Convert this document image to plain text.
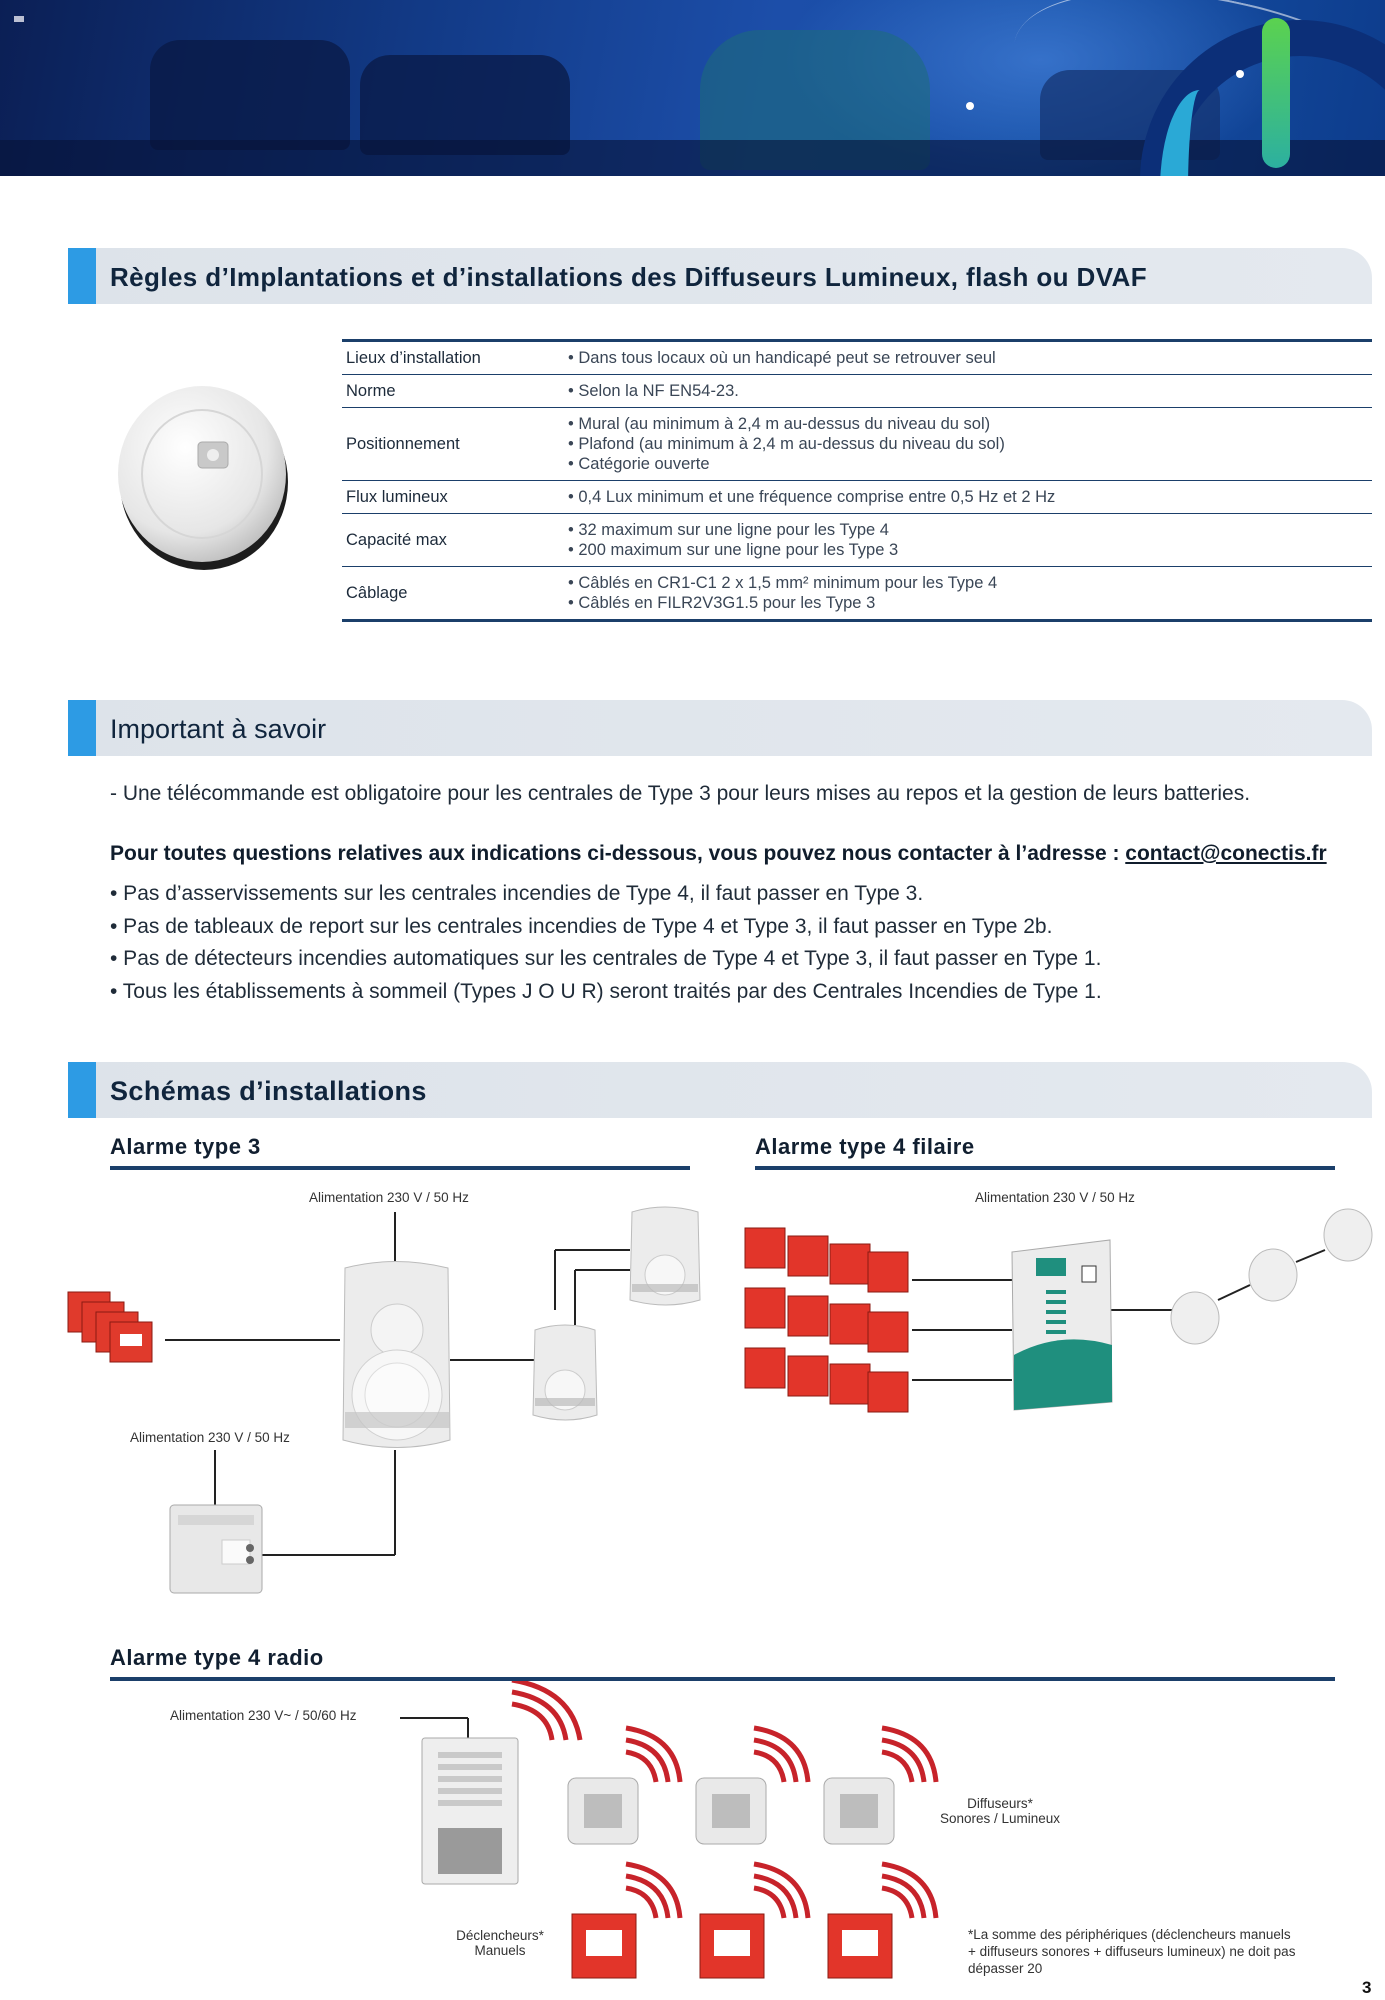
Règles d’Implantations et d’installations des Diffuseurs Lumineux, flash ou DVAF
Lieux d’installation	• Dans tous locaux où un handicapé peut se retrouver seul

Norme	• Selon la NF EN54-23.

Positionnement	• Mural (au minimum à 2,4 m au-dessus du niveau du sol)
• Plafond (au minimum à 2,4 m au-dessus du niveau du sol)
• Catégorie ouverte

Flux lumineux	• 0,4 Lux minimum et une fréquence comprise entre 0,5 Hz et 2 Hz

Capacité max	• 32 maximum sur une ligne pour les Type 4
• 200 maximum sur une ligne pour les Type 3

Câblage	• Câblés en CR1-C1 2 x 1,5 mm² minimum pour les Type 4
• Câblés en FILR2V3G1.5 pour les Type 3
Important à savoir
- Une télécommande est obligatoire pour les centrales de Type 3 pour leurs mises au repos et la gestion de leurs batteries.
Pour toutes questions relatives aux indications ci-dessous, vous pouvez nous contacter à l’adresse : contact@conectis.fr
• Pas d’asservissements sur les centrales incendies de Type 4, il faut passer en Type 3.
• Pas de tableaux de report sur les centrales incendies de Type 4 et Type 3, il faut passer en Type 2b.
• Pas de détecteurs incendies automatiques sur les centrales de Type 4 et Type 3, il faut passer en Type 1.
• Tous les établissements à sommeil (Types J O U R) seront traités par des Centrales Incendies de Type 1.
Schémas d’installations
Alarme type 3
Alimentation 230 V / 50 Hz
Alimentation 230 V / 50 Hz
Alarme type 4 filaire
Alimentation 230 V / 50 Hz
Alarme type 4 radio
Alimentation 230 V~ / 50/60 Hz
Diffuseurs*
Sonores / Lumineux
Déclencheurs*
Manuels
*La somme des périphériques (déclencheurs manuels
+ diffuseurs sonores + diffuseurs lumineux) ne doit pas
dépasser 20
3
